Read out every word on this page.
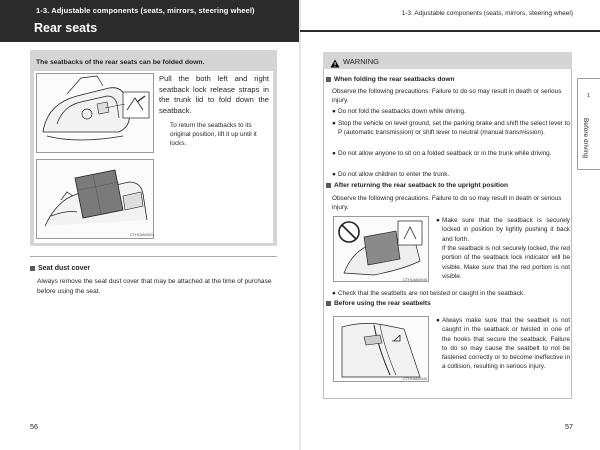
1-3. Adjustable components (seats, mirrors, steering wheel)
Rear seats
1-3. Adjustable components (seats, mirrors, steering wheel)
The seatbacks of the rear seats can be folded down.
CTH15AM024
Pull the both left and right seatback lock release straps in the trunk lid to fold down the seatback.
To return the seatbacks to its original position, lift it up until it locks.
Seat dust cover
Always remove the seat dust cover that may be attached at the time of purchase before using the seat.
56
WARNING
When folding the rear seatbacks down
Observe the following precautions. Failure to do so may result in death or serious injury.
● Do not fold the seatbacks down while driving.
● Stop the vehicle on level ground, set the parking brake and shift the select lever to P (automatic transmission) or shift lever to neutral (manual transmission).
● Do not allow anyone to sit on a folded seatback or in the trunk while driving.
● Do not allow children to enter the trunk.
After returning the rear seatback to the upright position
Observe the following precautions. Failure to do so may result in death or serious injury.
CTH15AM040
● Make sure that the seatback is securely locked in position by lightly pushing it back and forth.
If the seatback is not securely locked, the red portion of the seatback lock indicator will be visible. Make sure that the red portion is not visible.
● Check that the seatbelts are not twisted or caught in the seatback.
Before using the rear seatbelts
CTH15AM040
● Always make sure that the seatbelt is not caught in the seatback or twisted in one of the hooks that secure the seatback. Failure to do so may cause the seatbelt to not be fastened correctly or to become ineffective in a collision, resulting in serious injury.
1
Before driving
57
